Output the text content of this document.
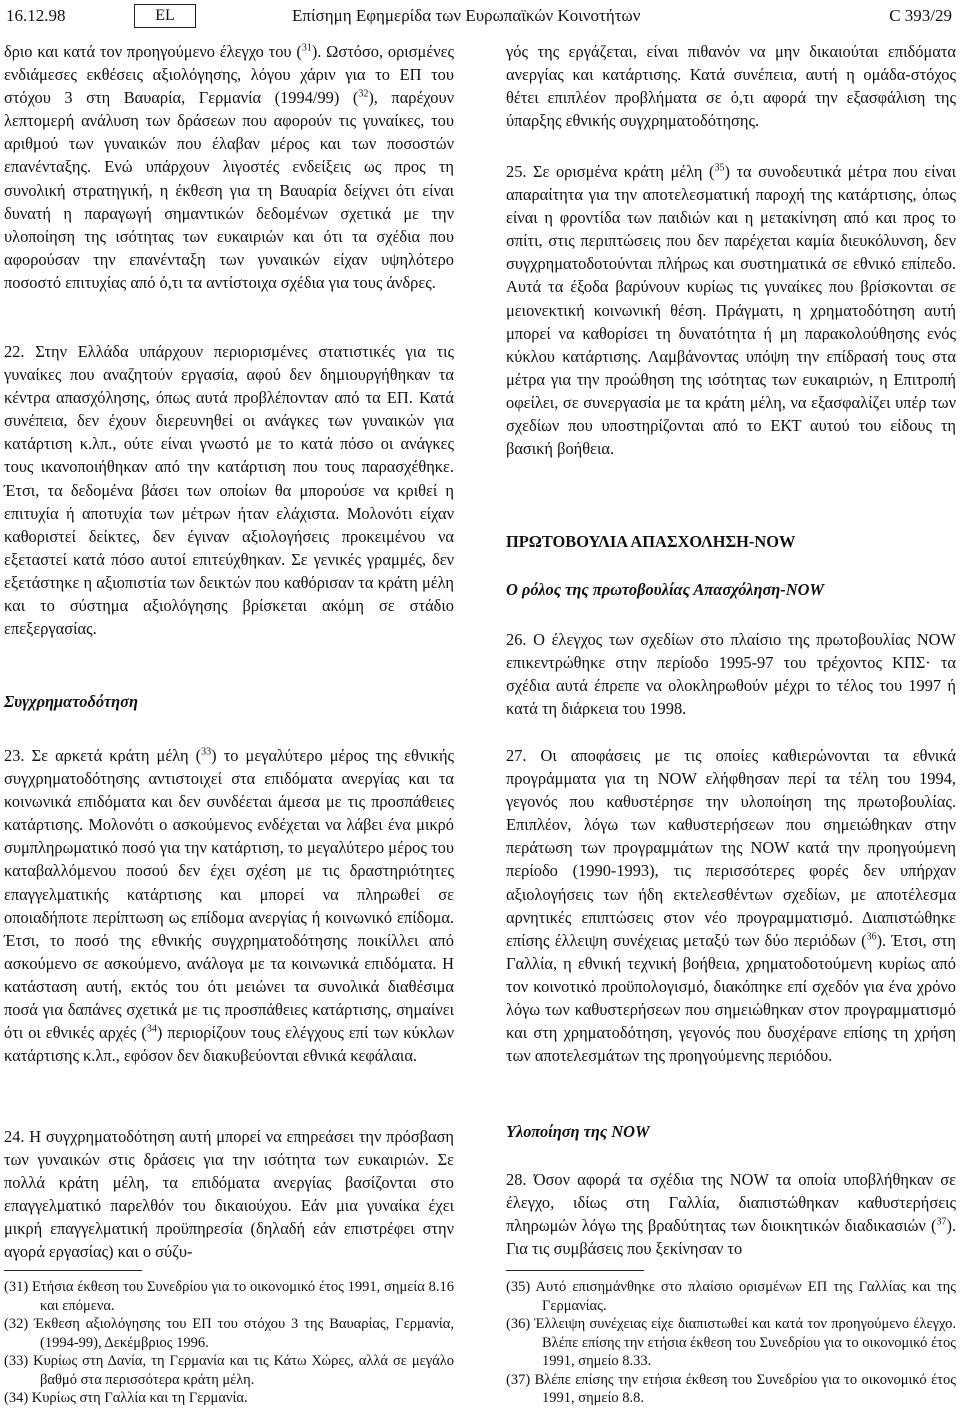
16.12.98	EL	Επίσημη Εφημερίδα των Ευρωπαϊκών Κοινοτήτων	C 393/29

δριο και κατά τον προηγούμενο έλεγχο του ($^{31}$). Ωστόσο, ορισμένες ενδιάμεσες εκθέσεις αξιολόγησης, λόγου χάριν για το ΕΠ του στόχου 3 στη Βαυαρία, Γερμανία (1994/99) ($^{32}$), παρέχουν λεπτομερή ανάλυση των δράσεων που αφορούν τις γυναίκες, του αριθμού των γυναικών που έλαβαν μέρος και των ποσοστών επανένταξης. Ενώ υπάρχουν λιγοστές ενδείξεις ως προς τη συνολική στρατηγική, η έκθεση για τη Βαυαρία δείχνει ότι είναι δυνατή η παραγωγή σημαντικών δεδομένων σχετικά με την υλοποίηση της ισότητας των ευκαιριών και ότι τα σχέδια που αφορούσαν την επανένταξη των γυναικών είχαν υψηλότερο ποσοστό επιτυχίας από ό,τι τα αντίστοιχα σχέδια για τους άνδρες.

22. Στην Ελλάδα υπάρχουν περιορισμένες στατιστικές για τις γυναίκες που αναζητούν εργασία, αφού δεν δημιουργήθηκαν τα κέντρα απασχόλησης, όπως αυτά προβλέπονταν από τα ΕΠ. Κατά συνέπεια, δεν έχουν διερευνηθεί οι ανάγκες των γυναικών για κατάρτιση κ.λπ., ούτε είναι γνωστό με το κατά πόσο οι ανάγκες τους ικανοποιήθηκαν από την κατάρτιση που τους παρασχέθηκε. Έτσι, τα δεδομένα βάσει των οποίων θα μπορούσε να κριθεί η επιτυχία ή αποτυχία των μέτρων ήταν ελάχιστα. Μολονότι είχαν καθοριστεί δείκτες, δεν έγιναν αξιολογήσεις προκειμένου να εξεταστεί κατά πόσο αυτοί επιτεύχθηκαν. Σε γενικές γραμμές, δεν εξετάστηκε η αξιοπιστία των δεικτών που καθόρισαν τα κράτη μέλη και το σύστημα αξιολόγησης βρίσκεται ακόμη σε στάδιο επεξεργασίας.

Συγχρηματοδότηση

23. Σε αρκετά κράτη μέλη ($^{33}$) το μεγαλύτερο μέρος της εθνικής συγχρηματοδότησης αντιστοιχεί στα επιδόματα ανεργίας και τα κοινωνικά επιδόματα και δεν συνδέεται άμεσα με τις προσπάθειες κατάρτισης. Μολονότι ο ασκούμενος ενδέχεται να λάβει ένα μικρό συμπληρωματικό ποσό για την κατάρτιση, το μεγαλύτερο μέρος του καταβαλλόμενου ποσού δεν έχει σχέση με τις δραστηριότητες επαγγελματικής κατάρτισης και μπορεί να πληρωθεί σε οποιαδήποτε περίπτωση ως επίδομα ανεργίας ή κοινωνικό επίδομα. Έτσι, το ποσό της εθνικής συγχρηματοδότησης ποικίλλει από ασκούμενο σε ασκούμενο, ανάλογα με τα κοινωνικά επιδόματα. Η κατάσταση αυτή, εκτός του ότι μειώνει τα συνολικά διαθέσιμα ποσά για δαπάνες σχετικά με τις προσπάθειες κατάρτισης, σημαίνει ότι οι εθνικές αρχές ($^{34}$) περιορίζουν τους ελέγχους επί των κύκλων κατάρτισης κ.λπ., εφόσον δεν διακυβεύονται εθνικά κεφάλαια.

24. Η συγχρηματοδότηση αυτή μπορεί να επηρεάσει την πρόσβαση των γυναικών στις δράσεις για την ισότητα των ευκαιριών. Σε πολλά κράτη μέλη, τα επιδόματα ανεργίας βασίζονται στο επαγγελματικό παρελθόν του δικαιούχου. Εάν μια γυναίκα έχει μικρή επαγγελματική προϋπηρεσία (δηλαδή εάν επιστρέφει στην αγορά εργασίας) και ο σύζυ-

(31) Ετήσια έκθεση του Συνεδρίου για το οικονομικό έτος 1991, σημεία 8.16 και επόμενα.

(32) Έκθεση αξιολόγησης του ΕΠ του στόχου 3 της Βαυαρίας, Γερμανία, (1994-99), Δεκέμβριος 1996.

(33) Κυρίως στη Δανία, τη Γερμανία και τις Κάτω Χώρες, αλλά σε μεγάλο βαθμό στα περισσότερα κράτη μέλη.

(34) Κυρίως στη Γαλλία και τη Γερμανία.

γός της εργάζεται, είναι πιθανόν να μην δικαιούται επιδόματα ανεργίας και κατάρτισης. Κατά συνέπεια, αυτή η ομάδα-στόχος θέτει επιπλέον προβλήματα σε ό,τι αφορά την εξασφάλιση της ύπαρξης εθνικής συγχρηματοδότησης.

25. Σε ορισμένα κράτη μέλη ($^{35}$) τα συνοδευτικά μέτρα που είναι απαραίτητα για την αποτελεσματική παροχή της κατάρτισης, όπως είναι η φροντίδα των παιδιών και η μετακίνηση από και προς το σπίτι, στις περιπτώσεις που δεν παρέχεται καμία διευκόλυνση, δεν συγχρηματοδοτούνται πλήρως και συστηματικά σε εθνικό επίπεδο. Αυτά τα έξοδα βαρύνουν κυρίως τις γυναίκες που βρίσκονται σε μειονεκτική κοινωνική θέση. Πράγματι, η χρηματοδότηση αυτή μπορεί να καθορίσει τη δυνατότητα ή μη παρακολούθησης ενός κύκλου κατάρτισης. Λαμβάνοντας υπόψη την επίδρασή τους στα μέτρα για την προώθηση της ισότητας των ευκαιριών, η Επιτροπή οφείλει, σε συνεργασία με τα κράτη μέλη, να εξασφαλίζει υπέρ των σχεδίων που υποστηρίζονται από το ΕΚΤ αυτού του είδους τη βασική βοήθεια.

ΠΡΩΤΟΒΟΥΛΙΑ ΑΠΑΣΧΟΛΗΣΗ-NOW

Ο ρόλος της πρωτοβουλίας Απασχόληση-NOW

26. Ο έλεγχος των σχεδίων στο πλαίσιο της πρωτοβουλίας NOW επικεντρώθηκε στην περίοδο 1995-97 του τρέχοντος ΚΠΣ· τα σχέδια αυτά έπρεπε να ολοκληρωθούν μέχρι το τέλος του 1997 ή κατά τη διάρκεια του 1998.

27. Οι αποφάσεις με τις οποίες καθιερώνονται τα εθνικά προγράμματα για τη NOW ελήφθησαν περί τα τέλη του 1994, γεγονός που καθυστέρησε την υλοποίηση της πρωτοβουλίας. Επιπλέον, λόγω των καθυστερήσεων που σημειώθηκαν στην περάτωση των προγραμμάτων της NOW κατά την προηγούμενη περίοδο (1990-1993), τις περισσότερες φορές δεν υπήρχαν αξιολογήσεις των ήδη εκτελεσθέντων σχεδίων, με αποτέλεσμα αρνητικές επιπτώσεις στον νέο προγραμματισμό. Διαπιστώθηκε επίσης έλλειψη συνέχειας μεταξύ των δύο περιόδων ($^{36}$). Έτσι, στη Γαλλία, η εθνική τεχνική βοήθεια, χρηματοδοτούμενη κυρίως από τον κοινοτικό προϋπολογισμό, διακόπηκε επί σχεδόν για ένα χρόνο λόγω των καθυστερήσεων που σημειώθηκαν στον προγραμματισμό και στη χρηματοδότηση, γεγονός που δυσχέρανε επίσης τη χρήση των αποτελεσμάτων της προηγούμενης περιόδου.

Υλοποίηση της NOW

28. Όσον αφορά τα σχέδια της NOW τα οποία υποβλήθηκαν σε έλεγχο, ιδίως στη Γαλλία, διαπιστώθηκαν καθυστερήσεις πληρωμών λόγω της βραδύτητας των διοικητικών διαδικασιών ($^{37}$). Για τις συμβάσεις που ξεκίνησαν το

(35) Αυτό επισημάνθηκε στο πλαίσιο ορισμένων ΕΠ της Γαλλίας και της Γερμανίας.

(36) Έλλειψη συνέχειας είχε διαπιστωθεί και κατά τον προηγούμενο έλεγχο. Βλέπε επίσης την ετήσια έκθεση του Συνεδρίου για το οικονομικό έτος 1991, σημείο 8.33.

(37) Βλέπε επίσης την ετήσια έκθεση του Συνεδρίου για το οικονομικό έτος 1991, σημείο 8.8.
